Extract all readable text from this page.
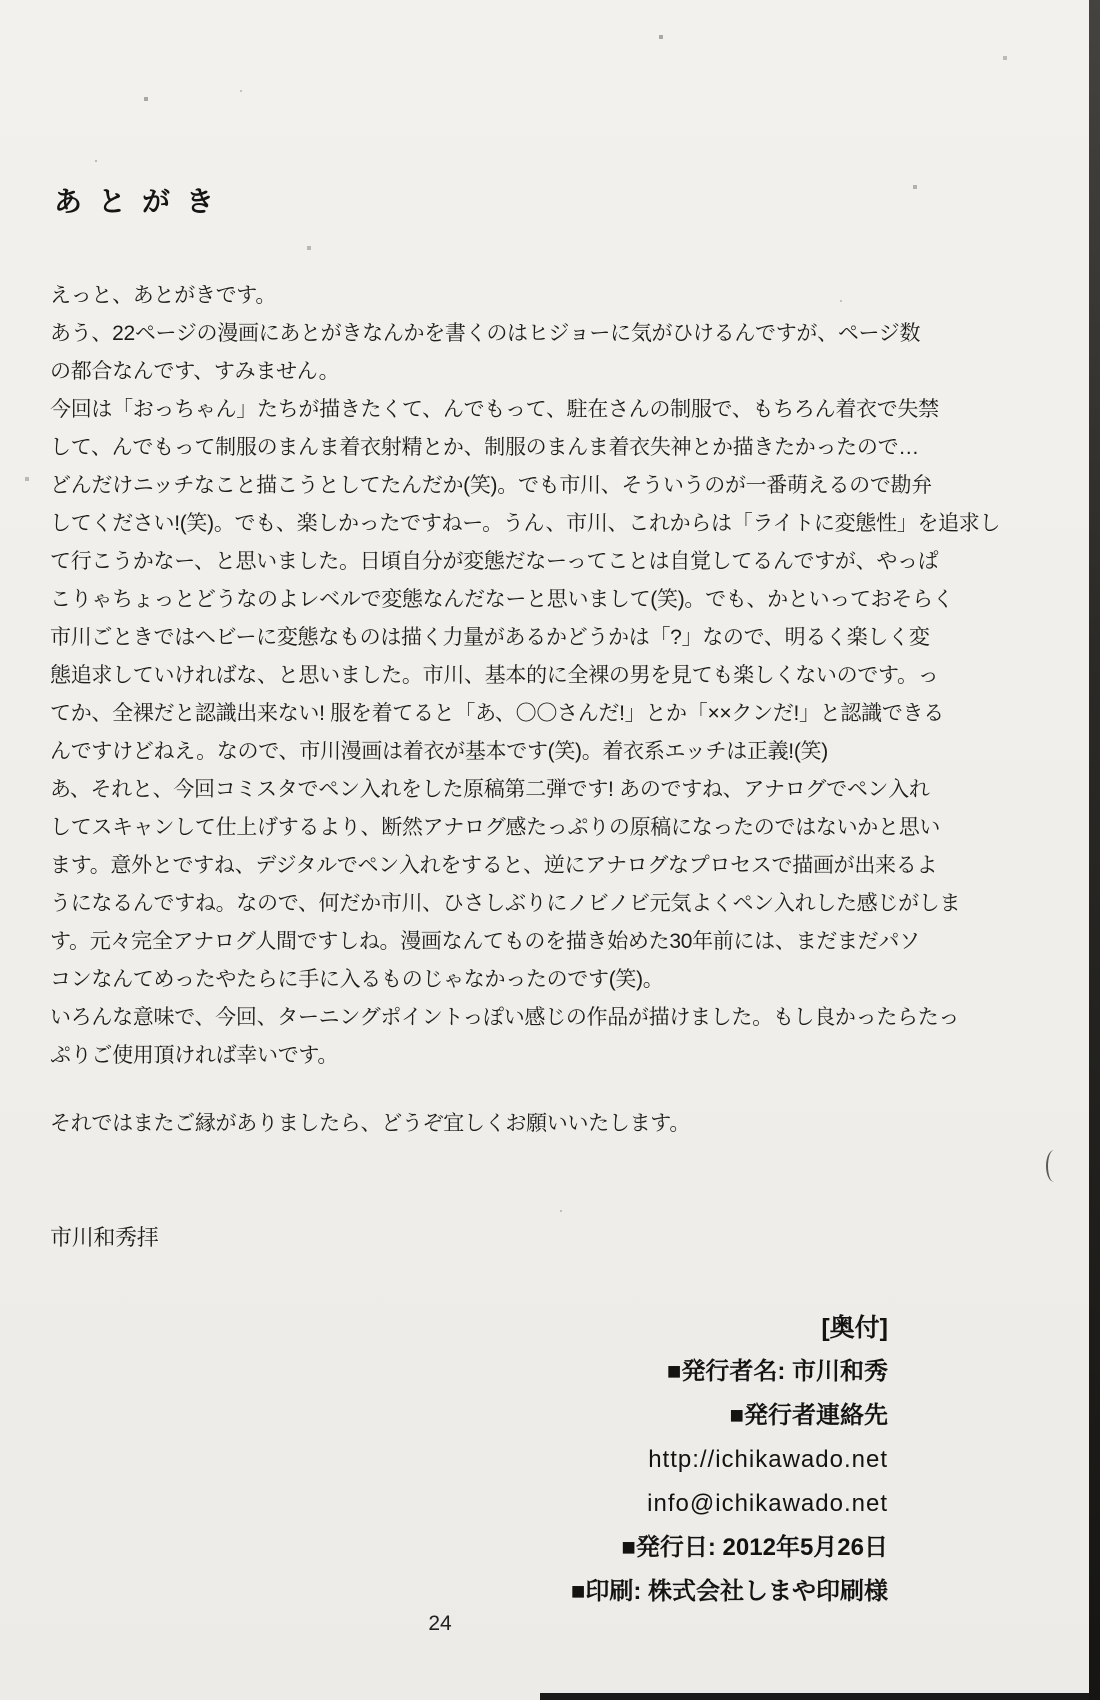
あとがき
えっと、あとがきです。
あう、22ページの漫画にあとがきなんかを書くのはヒジョーに気がひけるんですが、ページ数
の都合なんです、すみません。
今回は「おっちゃん」たちが描きたくて、んでもって、駐在さんの制服で、もちろん着衣で失禁
して、んでもって制服のまんま着衣射精とか、制服のまんま着衣失神とか描きたかったので…
どんだけニッチなこと描こうとしてたんだか(笑)。でも市川、そういうのが一番萌えるので勘弁
してください!(笑)。でも、楽しかったですねー。うん、市川、これからは「ライトに変態性」を追求し
て行こうかなー、と思いました。日頃自分が変態だなーってことは自覚してるんですが、やっぱ
こりゃちょっとどうなのよレベルで変態なんだなーと思いまして(笑)。でも、かといっておそらく
市川ごときではヘビーに変態なものは描く力量があるかどうかは「?」なので、明るく楽しく変
態追求していければな、と思いました。市川、基本的に全裸の男を見ても楽しくないのです。っ
てか、全裸だと認識出来ない! 服を着てると「あ、〇〇さんだ!」とか「××クンだ!」と認識できる
んですけどねえ。なので、市川漫画は着衣が基本です(笑)。着衣系エッチは正義!(笑)
あ、それと、今回コミスタでペン入れをした原稿第二弾です! あのですね、アナログでペン入れ
してスキャンして仕上げするより、断然アナログ感たっぷりの原稿になったのではないかと思い
ます。意外とですね、デジタルでペン入れをすると、逆にアナログなプロセスで描画が出来るよ
うになるんですね。なので、何だか市川、ひさしぶりにノビノビ元気よくペン入れした感じがしま
す。元々完全アナログ人間ですしね。漫画なんてものを描き始めた30年前には、まだまだパソ
コンなんてめったやたらに手に入るものじゃなかったのです(笑)。
いろんな意味で、今回、ターニングポイントっぽい感じの作品が描けました。もし良かったらたっ
ぷりご使用頂ければ幸いです。
それではまたご縁がありましたら、どうぞ宜しくお願いいたします。
市川和秀拝
[奥付]
■発行者名: 市川和秀
■発行者連絡先
http://ichikawado.net
info@ichikawado.net
■発行日: 2012年5月26日
■印刷: 株式会社しまや印刷様
24
